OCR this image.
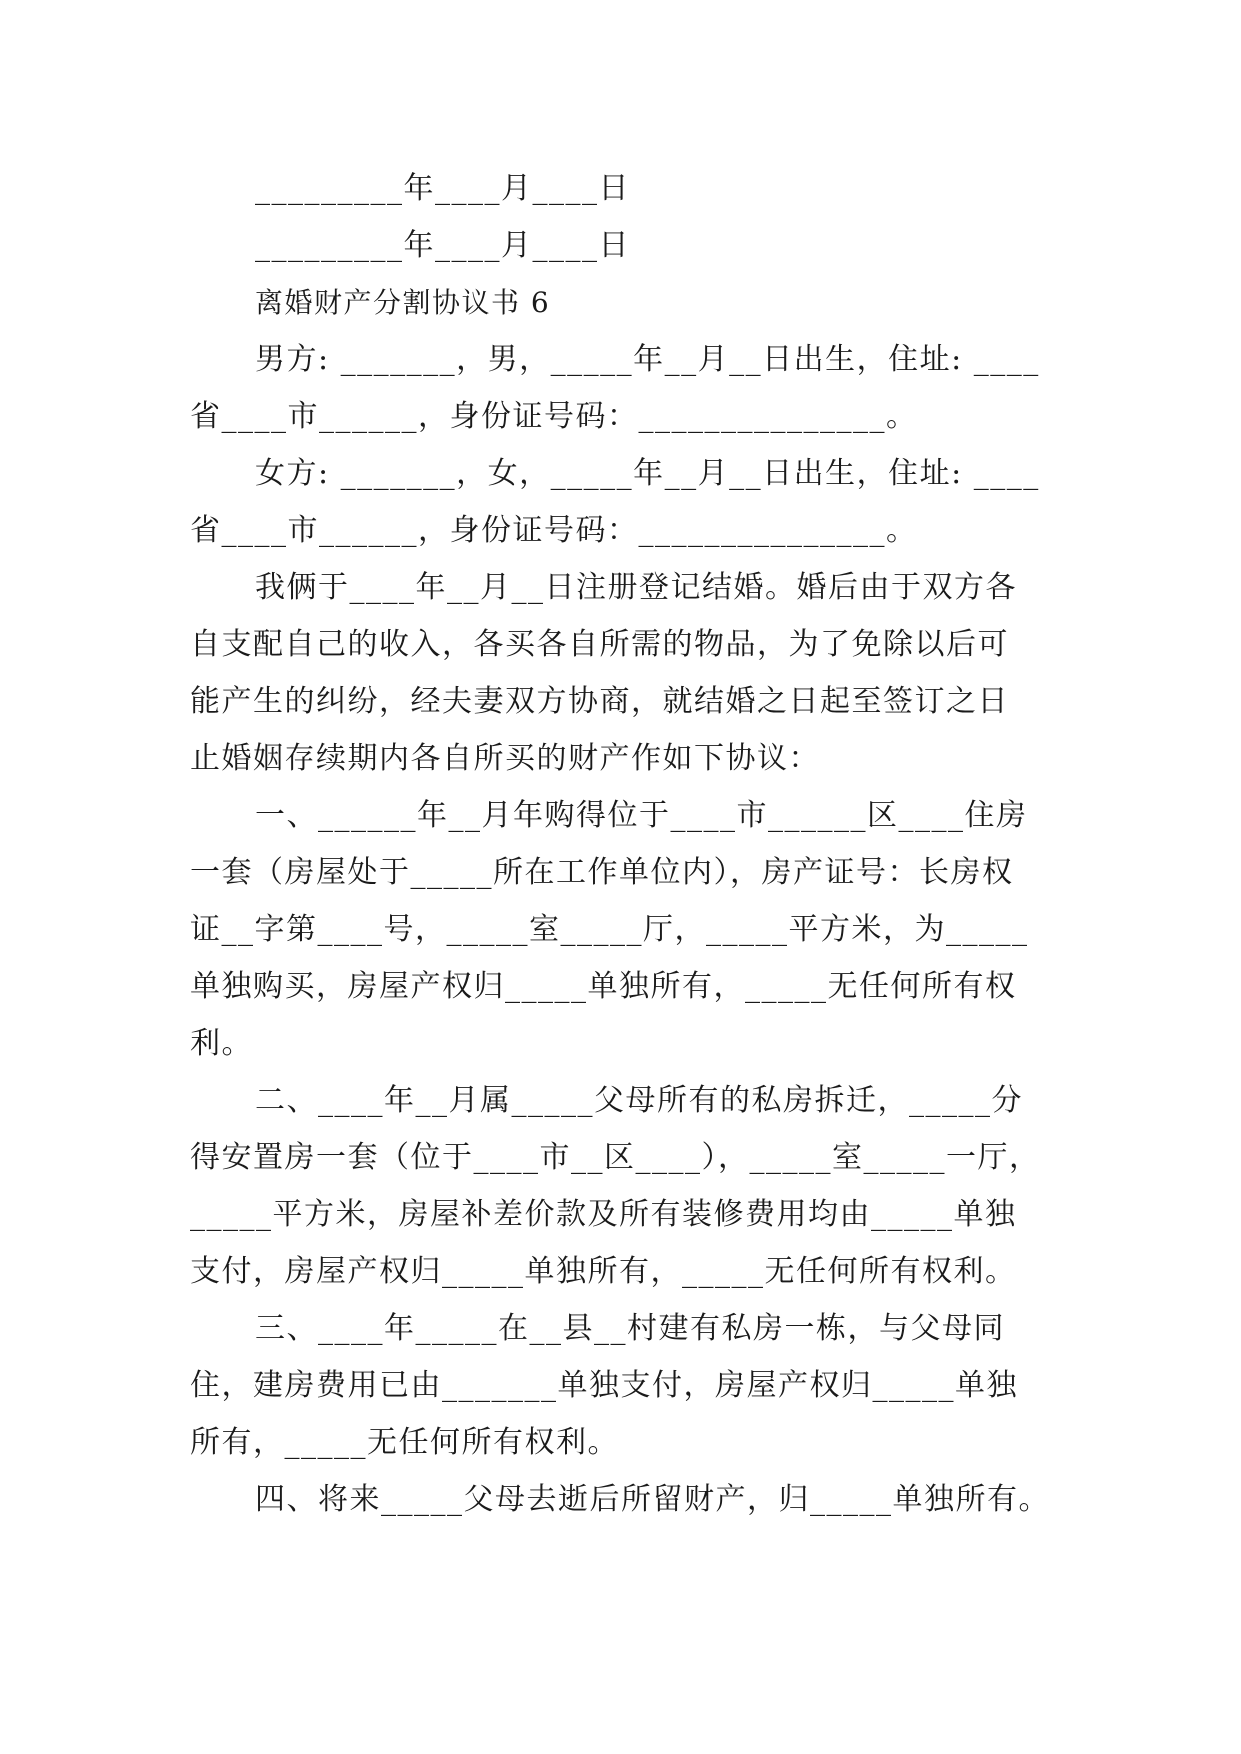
_________年____月____日
_________年____月____日
离婚财产分割协议书 6
男方: _______，男，_____年__月__日出生，住址: ____
省____市______，身份证号码：_______________。
女方: _______，女，_____年__月__日出生，住址: ____
省____市______，身份证号码：_______________。
我俩于____年__月__日注册登记结婚。婚后由于双方各
自支配自己的收入，各买各自所需的物品，为了免除以后可
能产生的纠纷，经夫妻双方协商，就结婚之日起至签订之日
止婚姻存续期内各自所买的财产作如下协议：
一、______年__月年购得位于____市______区____住房
一套（房屋处于_____所在工作单位内），房产证号：长房权
证__字第____号，_____室_____厅，_____平方米，为_____
单独购买，房屋产权归_____单独所有，_____无任何所有权
利。
二、____年__月属_____父母所有的私房拆迁，_____分
得安置房一套（位于____市__区____），_____室_____一厅，
_____平方米，房屋补差价款及所有装修费用均由_____单独
支付，房屋产权归_____单独所有，_____无任何所有权利。
三、____年_____在__县__村建有私房一栋，与父母同
住，建房费用已由_______单独支付，房屋产权归_____单独
所有，_____无任何所有权利。
四、将来_____父母去逝后所留财产，归_____单独所有。
